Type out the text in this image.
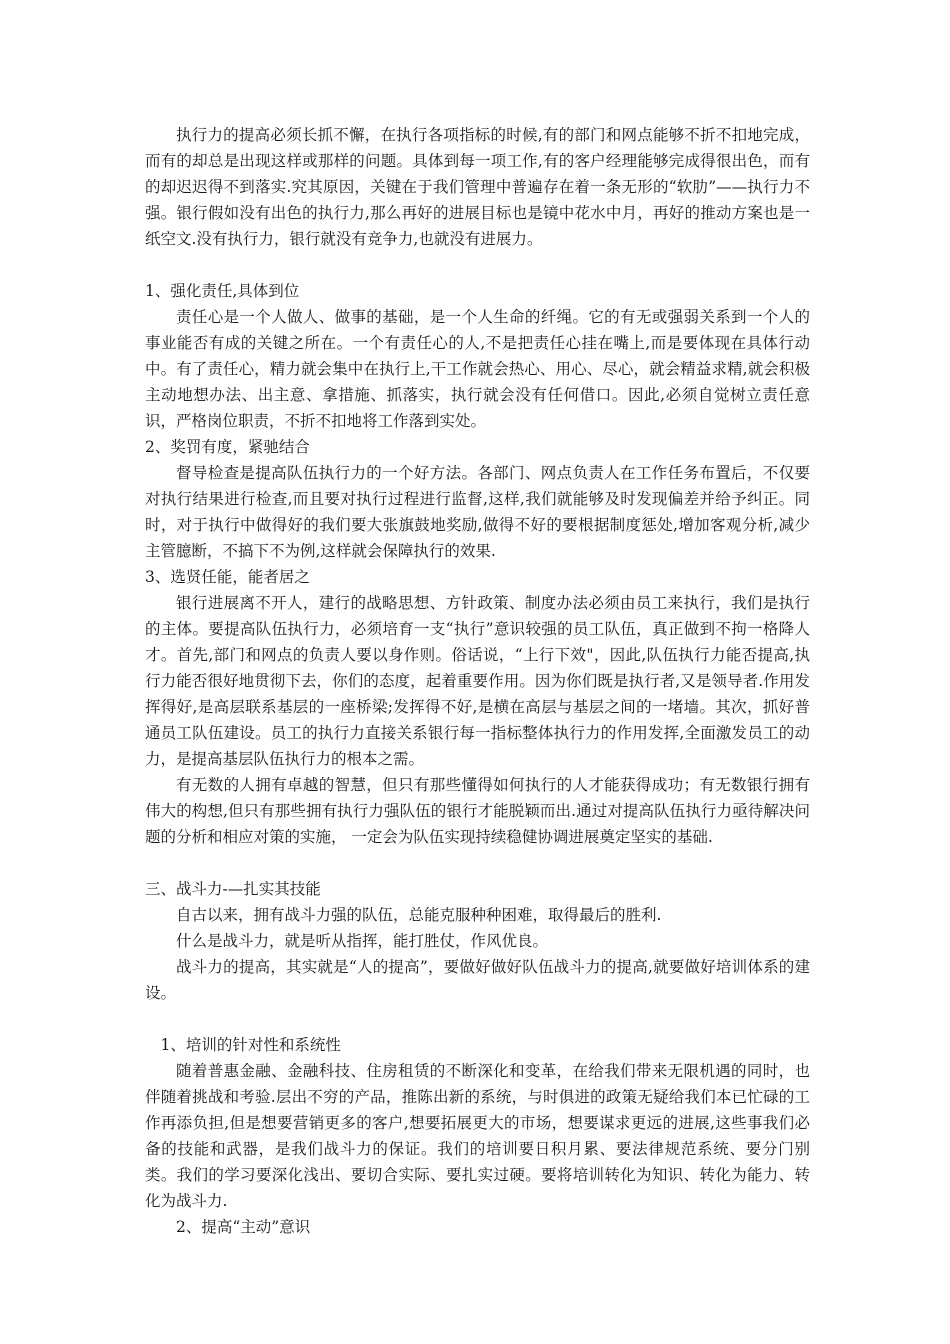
执行力的提高必须长抓不懈，在执行各项指标的时候,有的部门和网点能够不折不扣地完成，而有的却总是出现这样或那样的问题。具体到每一项工作,有的客户经理能够完成得很出色，而有的却迟迟得不到落实.究其原因，关键在于我们管理中普遍存在着一条无形的“软肋”——执行力不强。银行假如没有出色的执行力,那么再好的进展目标也是镜中花水中月，再好的推动方案也是一纸空文.没有执行力，银行就没有竞争力,也就没有进展力。

1、强化责任,具体到位

责任心是一个人做人、做事的基础，是一个人生命的纤绳。它的有无或强弱关系到一个人的事业能否有成的关键之所在。一个有责任心的人,不是把责任心挂在嘴上,而是要体现在具体行动中。有了责任心，精力就会集中在执行上,干工作就会热心、用心、尽心，就会精益求精,就会积极主动地想办法、出主意、拿措施、抓落实，执行就会没有任何借口。因此,必须自觉树立责任意识，严格岗位职责，不折不扣地将工作落到实处。

2、奖罚有度，紧驰结合

督导检查是提高队伍执行力的一个好方法。各部门、网点负责人在工作任务布置后，不仅要对执行结果进行检查,而且要对执行过程进行监督,这样,我们就能够及时发现偏差并给予纠正。同时，对于执行中做得好的我们要大张旗鼓地奖励,做得不好的要根据制度惩处,增加客观分析,减少主管臆断，不搞下不为例,这样就会保障执行的效果.

3、选贤任能，能者居之

银行进展离不开人，建行的战略思想、方针政策、制度办法必须由员工来执行，我们是执行的主体。要提高队伍执行力，必须培育一支“执行”意识较强的员工队伍，真正做到不拘一格降人才。首先,部门和网点的负责人要以身作则。俗话说，“上行下效"，因此,队伍执行力能否提高,执行力能否很好地贯彻下去，你们的态度，起着重要作用。因为你们既是执行者,又是领导者.作用发挥得好,是高层联系基层的一座桥梁;发挥得不好,是横在高层与基层之间的一堵墙。其次，抓好普通员工队伍建设。员工的执行力直接关系银行每一指标整体执行力的作用发挥,全面激发员工的动力，是提高基层队伍执行力的根本之需。

有无数的人拥有卓越的智慧，但只有那些懂得如何执行的人才能获得成功；有无数银行拥有伟大的构想,但只有那些拥有执行力强队伍的银行才能脱颖而出.通过对提高队伍执行力亟待解决问题的分析和相应对策的实施， 一定会为队伍实现持续稳健协调进展奠定坚实的基础.

三、战斗力-—扎实其技能

自古以来，拥有战斗力强的队伍，总能克服种种困难，取得最后的胜利.

什么是战斗力，就是听从指挥，能打胜仗，作风优良。

战斗力的提高，其实就是“人的提高”，要做好做好队伍战斗力的提高,就要做好培训体系的建设。

1、培训的针对性和系统性

随着普惠金融、金融科技、住房租赁的不断深化和变革，在给我们带来无限机遇的同时，也伴随着挑战和考验.层出不穷的产品，推陈出新的系统，与时俱进的政策无疑给我们本已忙碌的工作再添负担,但是想要营销更多的客户,想要拓展更大的市场，想要谋求更远的进展,这些事我们必备的技能和武器，是我们战斗力的保证。我们的培训要日积月累、要法律规范系统、要分门别类。我们的学习要深化浅出、要切合实际、要扎实过硬。要将培训转化为知识、转化为能力、转化为战斗力.

2、提高“主动”意识
